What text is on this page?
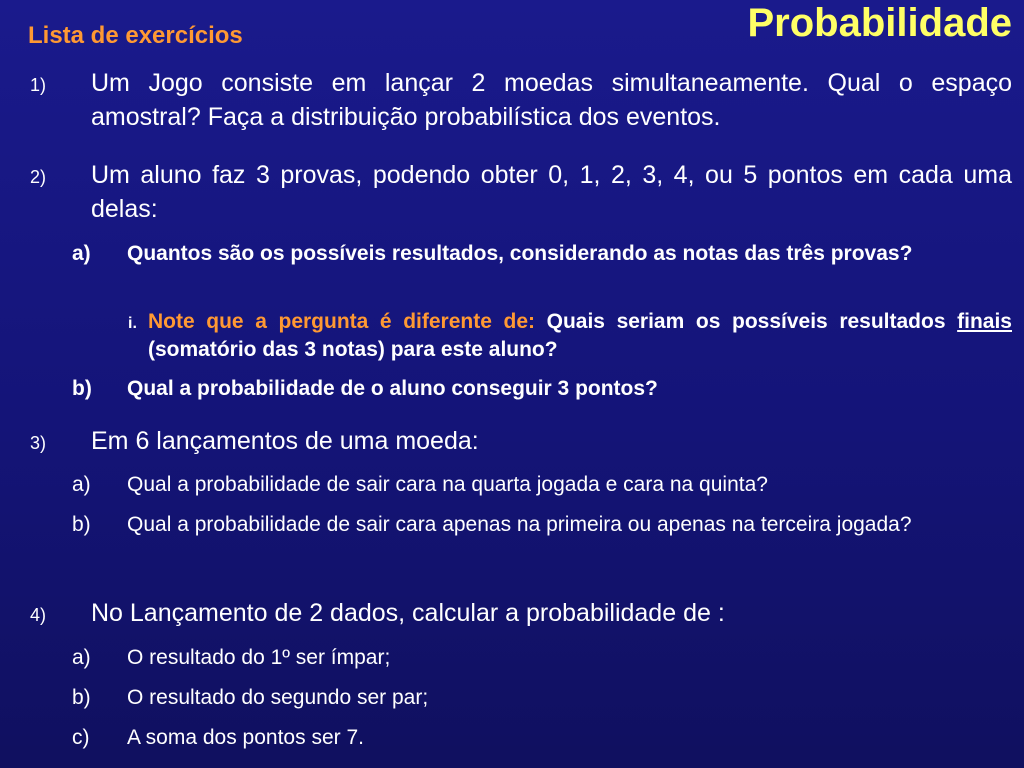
Probabilidade
Lista de exercícios
1) Um Jogo consiste em lançar 2 moedas simultaneamente. Qual o espaço amostral? Faça a distribuição probabilística dos eventos.
2) Um aluno faz 3 provas, podendo obter 0, 1, 2, 3, 4, ou 5 pontos em cada uma delas:
a) Quantos são os possíveis resultados, considerando as notas das três provas?
i. Note que a pergunta é diferente de: Quais seriam os possíveis resultados finais (somatório das 3 notas) para este aluno?
b) Qual a probabilidade de o aluno conseguir 3 pontos?
3) Em 6 lançamentos de uma moeda:
a) Qual a probabilidade de sair cara na quarta jogada e cara na quinta?
b) Qual a probabilidade de sair cara apenas na primeira ou apenas na terceira jogada?
4) No Lançamento de 2 dados, calcular a probabilidade de :
a) O resultado do 1º ser ímpar;
b) O resultado do segundo ser par;
c) A soma dos pontos ser 7.
